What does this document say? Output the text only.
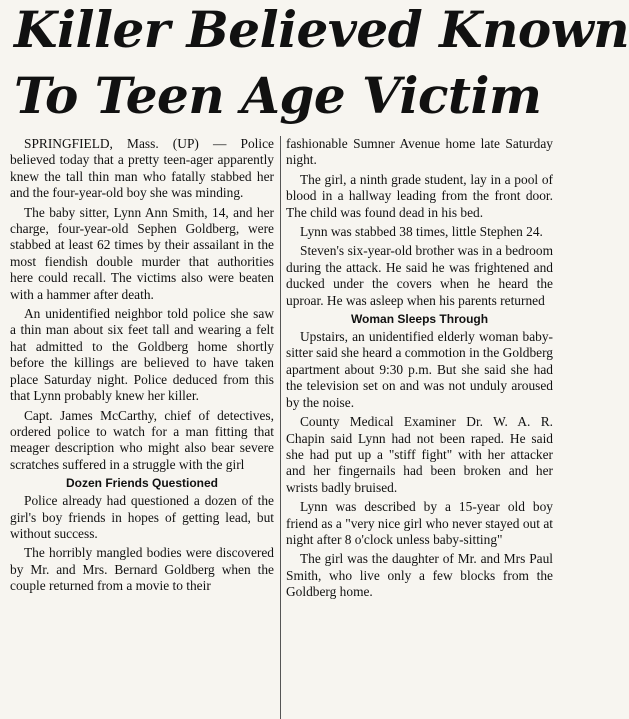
Killer Believed Known
To Teen Age Victim

SPRINGFIELD, Mass. (UP) — Police believed today that a pretty teen-ager apparently knew the tall thin man who fatally stabbed her and the four-year-old boy she was minding.

The baby sitter, Lynn Ann Smith, 14, and her charge, four-year-old Sephen Goldberg, were stabbed at least 62 times by their assailant in the most fiendish double murder that authorities here could recall. The victims also were beaten with a hammer after death.

An unidentified neighbor told police she saw a thin man about six feet tall and wearing a felt hat admitted to the Goldberg home shortly before the killings are believed to have taken place Saturday night. Police deduced from this that Lynn probably knew her killer.

Capt. James McCarthy, chief of detectives, ordered police to watch for a man fitting that meager description who might also bear severe scratches suffered in a struggle with the girl

Dozen Friends Questioned

Police already had questioned a dozen of the girl's boy friends in hopes of getting lead, but without success.

The horribly mangled bodies were discovered by Mr. and Mrs. Bernard Goldberg when the couple returned from a movie to their

fashionable Sumner Avenue home late Saturday night.

The girl, a ninth grade student, lay in a pool of blood in a hallway leading from the front door. The child was found dead in his bed.

Lynn was stabbed 38 times, little Stephen 24.

Steven's six-year-old brother was in a bedroom during the attack. He said he was frightened and ducked under the covers when he heard the uproar. He was asleep when his parents returned

Woman Sleeps Through

Upstairs, an unidentified elderly woman baby-sitter said she heard a commotion in the Goldberg apartment about 9:30 p.m. But she said she had the television set on and was not unduly aroused by the noise.

County Medical Examiner Dr. W. A. R. Chapin said Lynn had not been raped. He said she had put up a "stiff fight" with her attacker and her fingernails had been broken and her wrists badly bruised.

Lynn was described by a 15-year old boy friend as a "very nice girl who never stayed out at night after 8 o'clock unless baby-sitting"

The girl was the daughter of Mr. and Mrs Paul Smith, who live only a few blocks from the Goldberg home.
